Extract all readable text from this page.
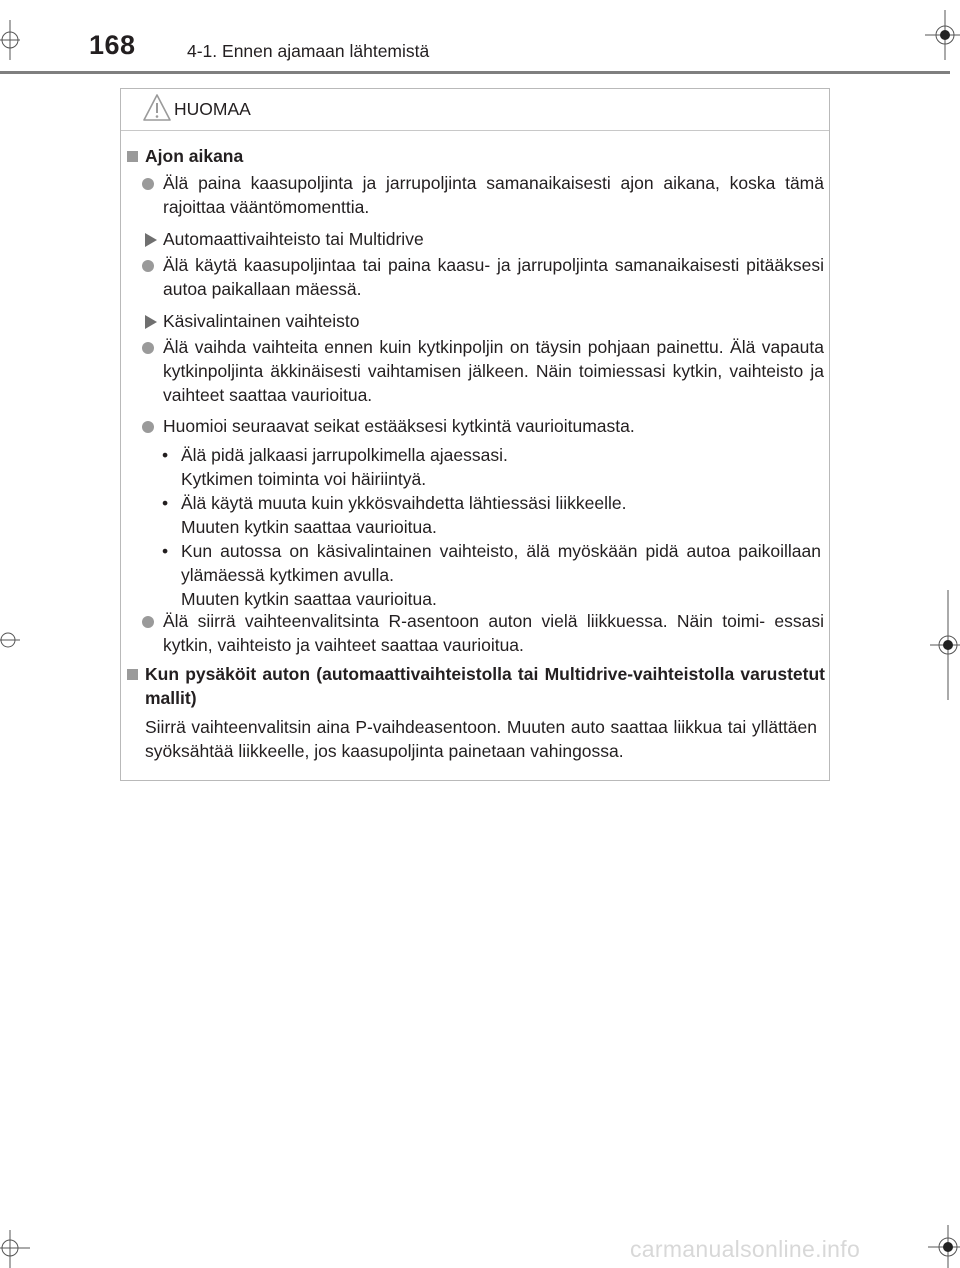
168	4-1. Ennen ajamaan lähtemistä
HUOMAA
Ajon aikana
Älä paina kaasupoljinta ja jarrupoljinta samanaikaisesti ajon aikana, koska tämä rajoittaa vääntömomenttia.
Automaattivaihteisto tai Multidrive
Älä käytä kaasupoljintaa tai paina kaasu- ja jarrupoljinta samanaikaisesti pitääksesi autoa paikallaan mäessä.
Käsivalintainen vaihteisto
Älä vaihda vaihteita ennen kuin kytkinpoljin on täysin pohjaan painettu. Älä vapauta kytkinpoljinta äkkinäisesti vaihtamisen jälkeen. Näin toimiessasi kytkin, vaihteisto ja vaihteet saattaa vaurioitua.
Huomioi seuraavat seikat estääksesi kytkintä vaurioitumasta.
• Älä pidä jalkaasi jarrupolkimella ajaessasi.
Kytkimen toiminta voi häiriintyä.
• Älä käytä muuta kuin ykkösvaihdetta lähtiessäsi liikkeelle.
Muuten kytkin saattaa vaurioitua.
• Kun autossa on käsivalintainen vaihteisto, älä myöskään pidä autoa paikoillaan ylämäessä kytkimen avulla.
Muuten kytkin saattaa vaurioitua.
Älä siirrä vaihteenvalitsinta R-asentoon auton vielä liikkuessa. Näin toimi- essasi kytkin, vaihteisto ja vaihteet saattaa vaurioitua.
Kun pysäköit auton (automaattivaihteistolla tai Multidrive-vaihteistolla varustetut mallit)
Siirrä vaihteenvalitsin aina P-vaihdeasentoon. Muuten auto saattaa liikkua tai yllättäen syöksähtää liikkeelle, jos kaasupoljinta painetaan vahingossa.
carmanualsonline.info
